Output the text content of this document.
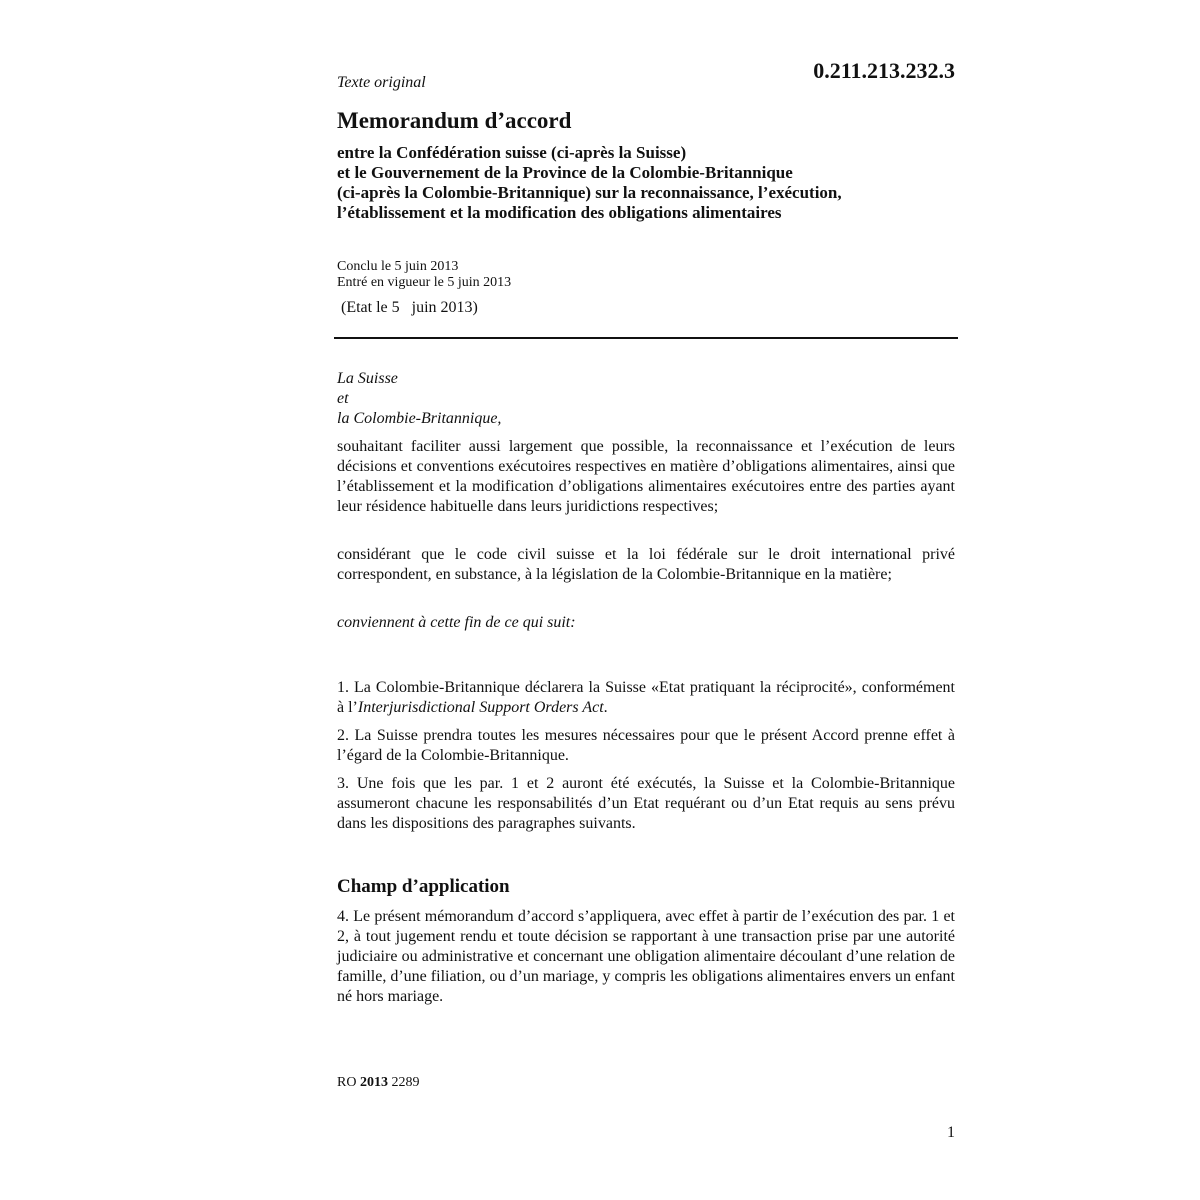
0.211.213.232.3
Texte original
Memorandum d’accord
entre la Confédération suisse (ci-après la Suisse)
et le Gouvernement de la Province de la Colombie-Britannique
(ci-après la Colombie-Britannique) sur la reconnaissance, l’exécution,
l’établissement et la modification des obligations alimentaires
Conclu le 5 juin 2013
Entré en vigueur le 5 juin 2013
(Etat le 5   juin 2013)
La Suisse
et
la Colombie-Britannique,

souhaitant faciliter aussi largement que possible, la reconnaissance et l’exécution de leurs décisions et conventions exécutoires respectives en matière d’obligations alimentaires, ainsi que l’établissement et la modification d’obligations alimentaires exécutoires entre des parties ayant leur résidence habituelle dans leurs juridictions respectives;

considérant que le code civil suisse et la loi fédérale sur le droit international privé correspondent, en substance, à la législation de la Colombie-Britannique en la matière;

conviennent à cette fin de ce qui suit:

1. La Colombie-Britannique déclarera la Suisse «Etat pratiquant la réciprocité», conformément à l’Interjurisdictional Support Orders Act.

2. La Suisse prendra toutes les mesures nécessaires pour que le présent Accord prenne effet à l’égard de la Colombie-Britannique.

3. Une fois que les par. 1 et 2 auront été exécutés, la Suisse et la Colombie-Britannique assumeront chacune les responsabilités d’un Etat requérant ou d’un Etat requis au sens prévu dans les dispositions des paragraphes suivants.

Champ d’application

4. Le présent mémorandum d’accord s’appliquera, avec effet à partir de l’exécution des par. 1 et 2, à tout jugement rendu et toute décision se rapportant à une transaction prise par une autorité judiciaire ou administrative et concernant une obligation alimentaire découlant d’une relation de famille, d’une filiation, ou d’un mariage, y compris les obligations alimentaires envers un enfant né hors mariage.

RO 2013 2289
1
